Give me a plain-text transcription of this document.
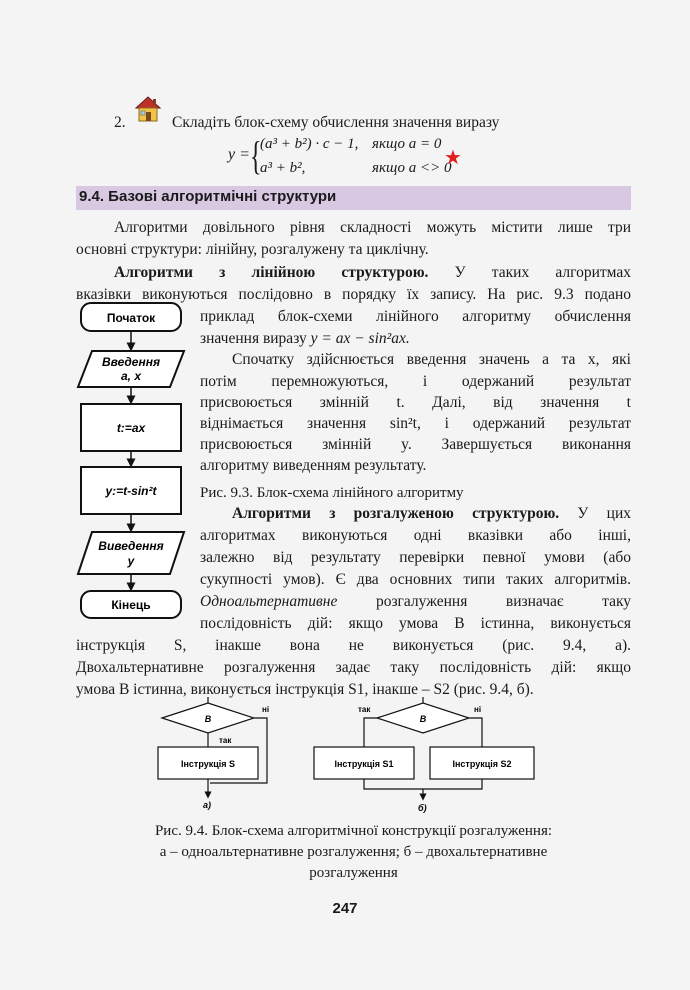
2.	Складіть блок-схему обчислення значення виразу
y = {
(a³ + b²) · c − 1, якщо a = 0
a³ + b²,	якщо a <> 0
★
9.4. Базові алгоритмічні структури
Алгоритми довільного рівня складності можуть містити лише три
основні структури: лінійну, розгалужену та циклічну.
Алгоритми з лінійною структурою. У таких алгоритмах
вказівки виконуються послідовно в порядку їх запису. На рис. 9.3 подано
приклад блок-схеми лінійного алгоритму обчислення
значення виразу y = ax − sin²ax.
Спочатку здійснюється введення значень a та x, які
потім перемножуються, і одержаний результат
присвоюється змінній t. Далі, від значення t
віднімається значення sin²t, і одержаний результат
присвоюється змінній y. Завершується виконання
алгоритму виведенням результату.
Рис. 9.3. Блок-схема лінійного алгоритму
Алгоритми з розгалуженою структурою. У цих
алгоритмах виконуються одні вказівки або інші,
залежно від результату перевірки певної умови (або
сукупності умов). Є два основних типи таких алгоритмів.
Одноальтернативне розгалуження визначає таку
послідовність дій: якщо умова B істинна, виконується
інструкція S, інакше вона не виконується (рис. 9.4, а).
Двохальтернативне розгалуження задає таку послідовність дій: якщо
умова B істинна, виконується інструкція S1, інакше – S2 (рис. 9.4, б).
Початок
Введення
a, x
t:=ax
y:=t-sin²t
Виведення
y
Кінець
B
ні
так
Інструкція S
а)
B
так	ні
Інструкція S1	Інструкція S2
б)
Рис. 9.4. Блок-схема алгоритмічної конструкції розгалуження:
а – одноальтернативне розгалуження; б – двохальтернативне
розгалуження
247
